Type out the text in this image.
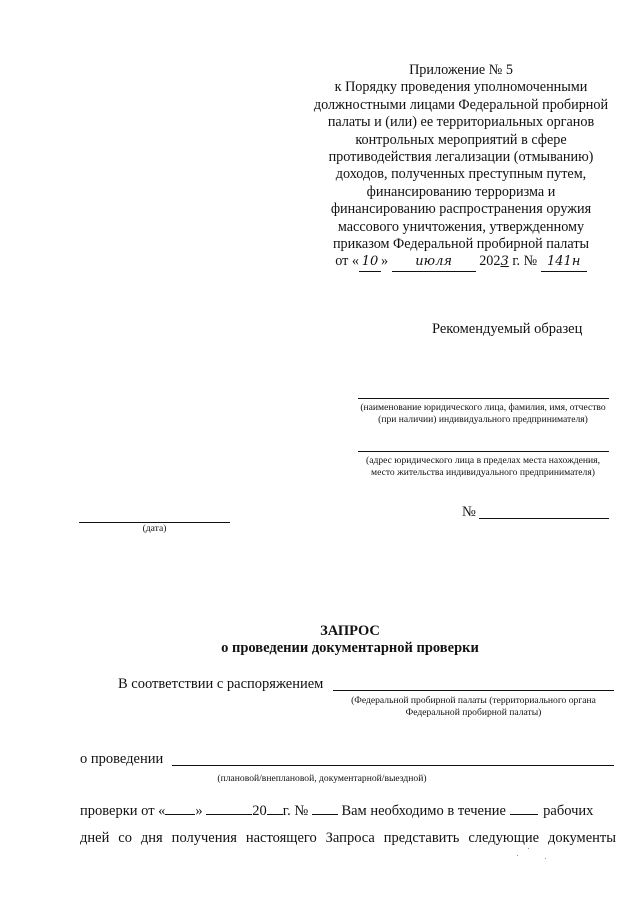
Приложение № 5
к Порядку проведения уполномоченными
должностными лицами Федеральной пробирной
палаты и (или) ее территориальных органов
контрольных мероприятий в сфере
противодействия легализации (отмыванию)
доходов, полученных преступным путем,
финансированию терроризма и
финансированию распространения оружия
массового уничтожения, утвержденному
приказом Федеральной пробирной палаты
от « 10 » июля 2023 г. № 141н
Рекомендуемый образец
(наименование юридического лица, фамилия, имя, отчество (при наличии) индивидуального предпринимателя)
(адрес юридического лица в пределах места нахождения, место жительства индивидуального предпринимателя)
(дата)
№
ЗАПРОС
о проведении документарной проверки
В соответствии с распоряжением
(Федеральной пробирной палаты (территориального органа
Федеральной пробирной палаты)
о проведении
(плановой/внеплановой, документарной/выездной)
проверки от « »	20 г. № Вам необходимо в течение	рабочих
дней со дня получения настоящего Запроса представить следующие документы
